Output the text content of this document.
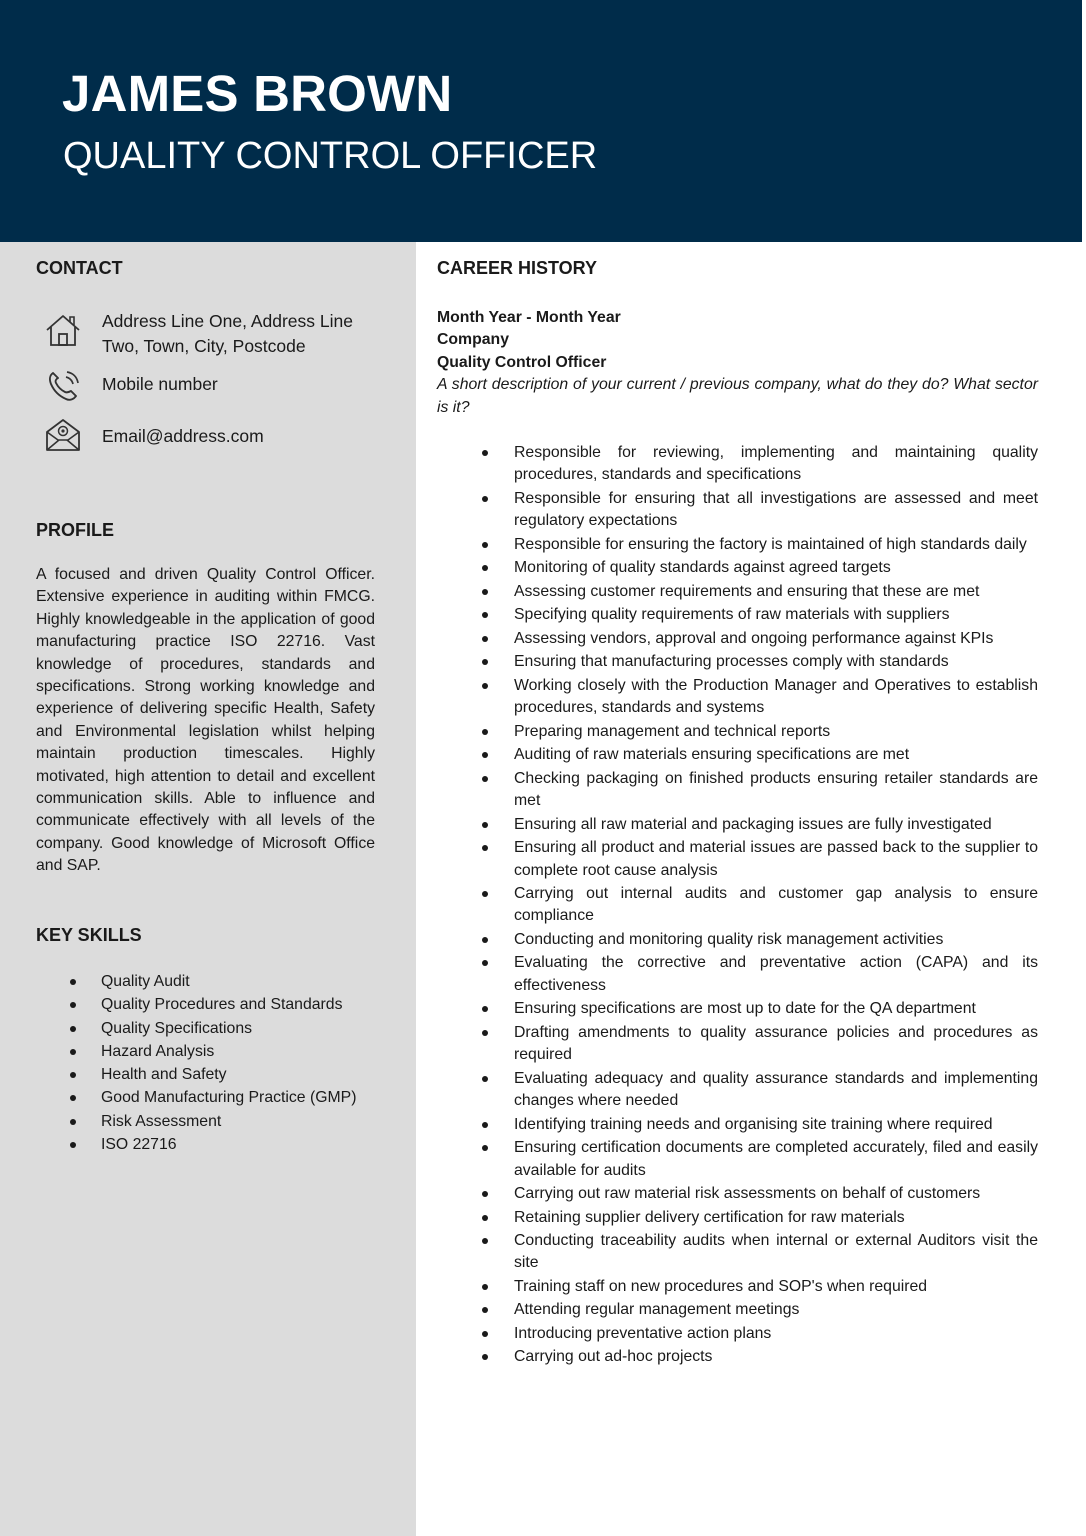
JAMES BROWN
QUALITY CONTROL OFFICER
CONTACT
Address Line One, Address Line Two, Town, City, Postcode
Mobile number
Email@address.com
PROFILE
A focused and driven Quality Control Officer. Extensive experience in auditing within FMCG. Highly knowledgeable in the application of good manufacturing practice ISO 22716. Vast knowledge of procedures, standards and specifications. Strong working knowledge and experience of delivering specific Health, Safety and Environmental legislation whilst helping maintain production timescales. Highly motivated, high attention to detail and excellent communication skills. Able to influence and communicate effectively with all levels of the company. Good knowledge of Microsoft Office and SAP.
KEY SKILLS
Quality Audit
Quality Procedures and Standards
Quality Specifications
Hazard Analysis
Health and Safety
Good Manufacturing Practice (GMP)
Risk Assessment
ISO 22716
CAREER HISTORY
Month Year - Month Year
Company
Quality Control Officer
A short description of your current / previous company, what do they do? What sector is it?
Responsible for reviewing, implementing and maintaining quality procedures, standards and specifications
Responsible for ensuring that all investigations are assessed and meet regulatory expectations
Responsible for ensuring the factory is maintained of high standards daily
Monitoring of quality standards against agreed targets
Assessing customer requirements and ensuring that these are met
Specifying quality requirements of raw materials with suppliers
Assessing vendors, approval and ongoing performance against KPIs
Ensuring that manufacturing processes comply with standards
Working closely with the Production Manager and Operatives to establish procedures, standards and systems
Preparing management and technical reports
Auditing of raw materials ensuring specifications are met
Checking packaging on finished products ensuring retailer standards are met
Ensuring all raw material and packaging issues are fully investigated
Ensuring all product and material issues are passed back to the supplier to complete root cause analysis
Carrying out internal audits and customer gap analysis to ensure compliance
Conducting and monitoring quality risk management activities
Evaluating the corrective and preventative action (CAPA) and its effectiveness
Ensuring specifications are most up to date for the QA department
Drafting amendments to quality assurance policies and procedures as required
Evaluating adequacy and quality assurance standards and implementing changes where needed
Identifying training needs and organising site training where required
Ensuring certification documents are completed accurately, filed and easily available for audits
Carrying out raw material risk assessments on behalf of customers
Retaining supplier delivery certification for raw materials
Conducting traceability audits when internal or external Auditors visit the site
Training staff on new procedures and SOP's when required
Attending regular management meetings
Introducing preventative action plans
Carrying out ad-hoc projects
